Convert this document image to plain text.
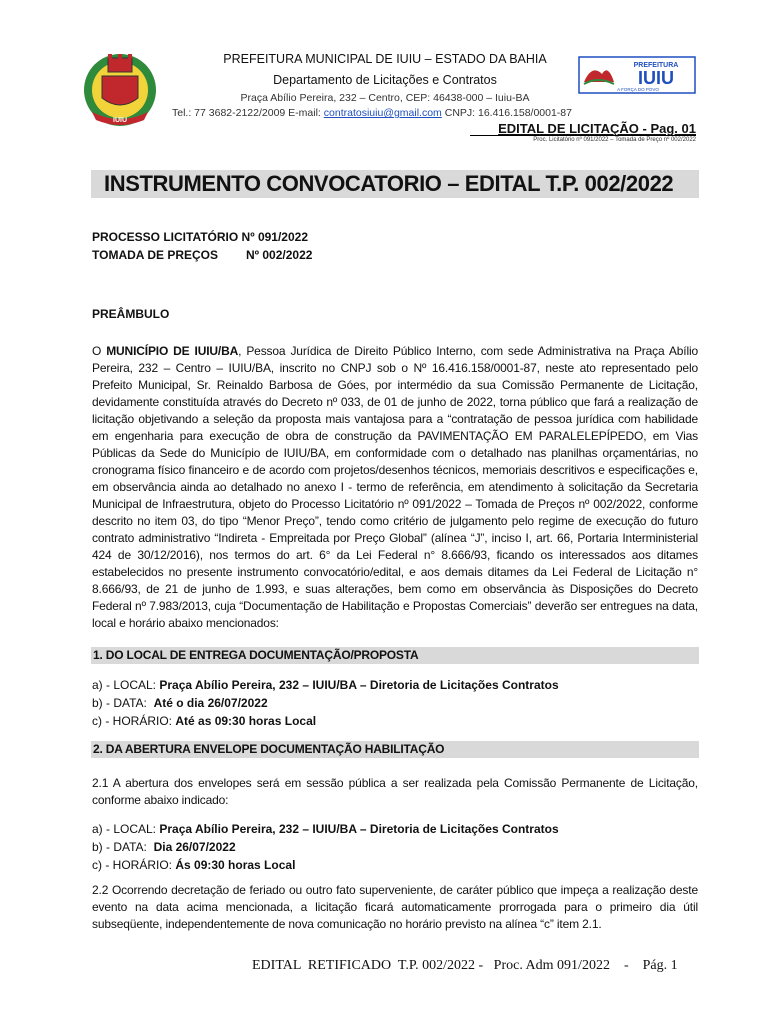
IUIU
PREFEITURA
IUIU
A FORÇA DO POVO
PREFEITURA MUNICIPAL DE IUIU – ESTADO DA BAHIA
Departamento de Licitações e Contratos
Praça Abílio Pereira, 232 – Centro, CEP: 46438-000 – Iuiu-BA
Tel.: 77 3682-2122/2009 E-mail: contratosiuiu@gmail.com CNPJ: 16.416.158/0001-87
EDITAL DE LICITAÇÃO - Pag. 01
Proc. Licitatório nº 091/2022 – Tomada de Preço nº 002/2022
INSTRUMENTO CONVOCATORIO – EDITAL T.P. 002/2022
PROCESSO LICITATÓRIO Nº 091/2022
TOMADA DE PREÇOS Nº 002/2022
PREÂMBULO
O MUNICÍPIO DE IUIU/BA, Pessoa Jurídica de Direito Público Interno, com sede Administrativa na Praça Abílio Pereira, 232 – Centro – IUIU/BA, inscrito no CNPJ sob o Nº 16.416.158/0001-87, neste ato representado pelo Prefeito Municipal, Sr. Reinaldo Barbosa de Góes, por intermédio da sua Comissão Permanente de Licitação, devidamente constituída através do Decreto nº 033, de 01 de junho de 2022, torna público que fará a realização de licitação objetivando a seleção da proposta mais vantajosa para a “contratação de pessoa jurídica com habilidade em engenharia para execução de obra de construção da PAVIMENTAÇÃO EM PARALELEPÍPEDO, em Vias Públicas da Sede do Município de IUIU/BA, em conformidade com o detalhado nas planilhas orçamentárias, no cronograma físico financeiro e de acordo com projetos/desenhos técnicos, memoriais descritivos e especificações e, em observância ainda ao detalhado no anexo I - termo de referência, em atendimento à solicitação da Secretaria Municipal de Infraestrutura, objeto do Processo Licitatório nº 091/2022 – Tomada de Preços nº 002/2022, conforme descrito no item 03, do tipo “Menor Preço”, tendo como critério de julgamento pelo regime de execução do futuro contrato administrativo “Indireta - Empreitada por Preço Global” (alínea “J”, inciso I, art. 66, Portaria Interministerial 424 de 30/12/2016), nos termos do art. 6° da Lei Federal n° 8.666/93, ficando os interessados aos ditames estabelecidos no presente instrumento convocatório/edital, e aos demais ditames da Lei Federal de Licitação n° 8.666/93, de 21 de junho de 1.993, e suas alterações, bem como em observância às Disposições do Decreto Federal nº 7.983/2013, cuja “Documentação de Habilitação e Propostas Comerciais” deverão ser entregues na data, local e horário abaixo mencionados:
1. DO LOCAL DE ENTREGA DOCUMENTAÇÃO/PROPOSTA
a) - LOCAL: Praça Abílio Pereira, 232 – IUIU/BA – Diretoria de Licitações Contratos
b) - DATA:  Até o dia 26/07/2022
c) - HORÁRIO: Até as 09:30 horas Local
2. DA ABERTURA ENVELOPE DOCUMENTAÇÃO HABILITAÇÃO
2.1 A abertura dos envelopes será em sessão pública a ser realizada pela Comissão Permanente de Licitação, conforme abaixo indicado:
a) - LOCAL: Praça Abílio Pereira, 232 – IUIU/BA – Diretoria de Licitações Contratos
b) - DATA:  Dia 26/07/2022
c) - HORÁRIO: Ás 09:30 horas Local
2.2 Ocorrendo decretação de feriado ou outro fato superveniente, de caráter público que impeça a realização deste evento na data acima mencionada, a licitação ficará automaticamente prorrogada para o primeiro dia útil subseqüente, independentemente de nova comunicação no horário previsto na alínea “c” item 2.1.
EDITAL  RETIFICADO  T.P. 002/2022 -   Proc. Adm 091/2022    -    Pág. 1
